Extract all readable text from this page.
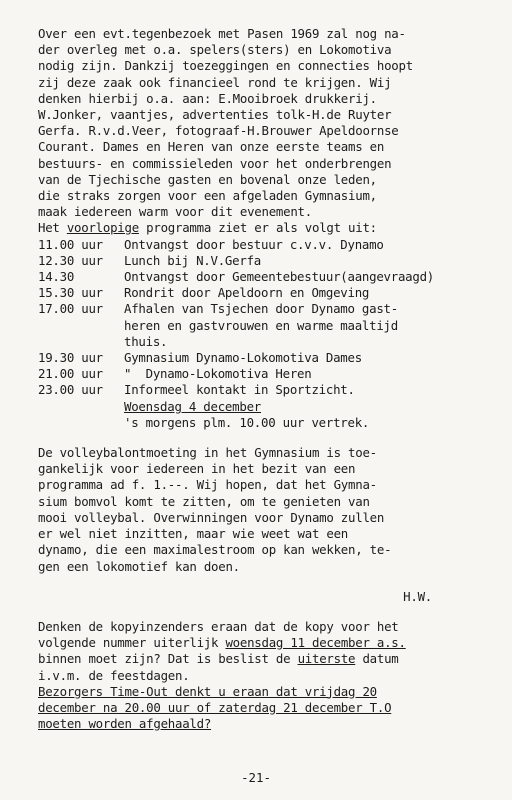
Over een evt.tegenbezoek met Pasen 1969 zal nog na-
der overleg met o.a. spelers(sters) en Lokomotiva
nodig zijn. Dankzij toezeggingen en connecties hoopt
zij deze zaak ook financieel rond te krijgen. Wij
denken hierbij o.a. aan: E.Mooibroek drukkerij.
W.Jonker, vaantjes, advertenties tolk-H.de Ruyter
Gerfa. R.v.d.Veer, fotograaf-H.Brouwer Apeldoornse
Courant. Dames en Heren van onze eerste teams en
bestuurs- en commissieleden voor het onderbrengen
van de Tjechische gasten en bovenal onze leden,
die straks zorgen voor een afgeladen Gymnasium,
maak iedereen warm voor dit evenement.
Het voorlopige programma ziet er als volgt uit:
11.00 uur	Ontvangst door bestuur c.v.v. Dynamo
12.30 uur	Lunch bij N.V.Gerfa
14.30	Ontvangst door Gemeentebestuur(aangevraagd)
15.30 uur	Rondrit door Apeldoorn en Omgeving
17.00 uur	Afhalen van Tsjechen door Dynamo gast-
heren en gastvrouwen en warme maaltijd
thuis.
19.30 uur	Gymnasium Dynamo-Lokomotiva Dames
21.00 uur	"  Dynamo-Lokomotiva Heren
23.00 uur	Informeel kontakt in Sportzicht.
Woensdag 4 december
's morgens plm. 10.00 uur vertrek.
De volleybalontmoeting in het Gymnasium is toe-
gankelijk voor iedereen in het bezit van een
programma ad f. 1.--. Wij hopen, dat het Gymna-
sium bomvol komt te zitten, om te genieten van
mooi volleybal. Overwinningen voor Dynamo zullen
er wel niet inzitten, maar wie weet wat een
dynamo, die een maximalestroom op kan wekken, te-
gen een lokomotief kan doen.
H.W.
Denken de kopyinzenders eraan dat de kopy voor het
volgende nummer uiterlijk woensdag 11 december a.s.
binnen moet zijn? Dat is beslist de uiterste datum
i.v.m. de feestdagen.
Bezorgers Time-Out denkt u eraan dat vrijdag 20
december na 20.00 uur of zaterdag 21 december T.O
moeten worden afgehaald?
-21-
